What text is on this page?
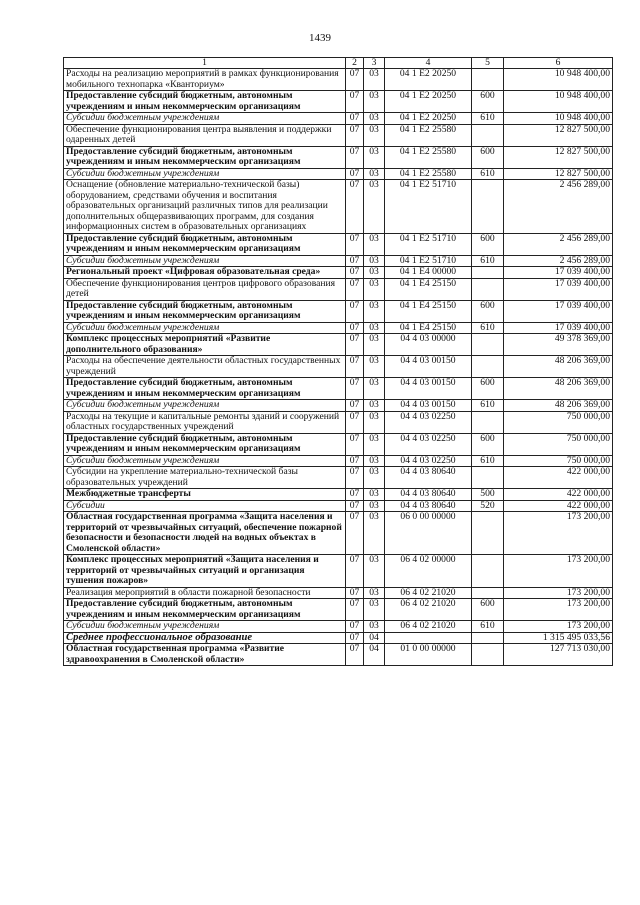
1439
1	2	3	4	5	6
Расходы на реализацию мероприятий в рамках функционирования мобильного технопарка «Кванториум»	07	03	04 1 E2 20250		10 948 400,00
Предоставление субсидий бюджетным, автономным учреждениям и иным некоммерческим организациям	07	03	04 1 E2 20250	600	10 948 400,00
Субсидии бюджетным учреждениям	07	03	04 1 E2 20250	610	10 948 400,00
Обеспечение функционирования центра выявления и поддержки одаренных детей	07	03	04 1 E2 25580		12 827 500,00
Предоставление субсидий бюджетным, автономным учреждениям и иным некоммерческим организациям	07	03	04 1 E2 25580	600	12 827 500,00
Субсидии бюджетным учреждениям	07	03	04 1 E2 25580	610	12 827 500,00
Оснащение (обновление материально-технической базы) оборудованием, средствами обучения и воспитания образовательных организаций различных типов для реализации дополнительных общеразвивающих программ, для создания информационных систем в образовательных организациях	07	03	04 1 E2 51710		2 456 289,00
Предоставление субсидий бюджетным, автономным учреждениям и иным некоммерческим организациям	07	03	04 1 E2 51710	600	2 456 289,00
Субсидии бюджетным учреждениям	07	03	04 1 E2 51710	610	2 456 289,00
Региональный проект «Цифровая образовательная среда»	07	03	04 1 E4 00000		17 039 400,00
Обеспечение функционирования центров цифрового образования детей	07	03	04 1 E4 25150		17 039 400,00
Предоставление субсидий бюджетным, автономным учреждениям и иным некоммерческим организациям	07	03	04 1 E4 25150	600	17 039 400,00
Субсидии бюджетным учреждениям	07	03	04 1 E4 25150	610	17 039 400,00
Комплекс процессных мероприятий «Развитие дополнительного образования»	07	03	04 4 03 00000		49 378 369,00
Расходы на обеспечение деятельности областных государственных учреждений	07	03	04 4 03 00150		48 206 369,00
Предоставление субсидий бюджетным, автономным учреждениям и иным некоммерческим организациям	07	03	04 4 03 00150	600	48 206 369,00
Субсидии бюджетным учреждениям	07	03	04 4 03 00150	610	48 206 369,00
Расходы на текущие и капитальные ремонты зданий и сооружений областных государственных учреждений	07	03	04 4 03 02250		750 000,00
Предоставление субсидий бюджетным, автономным учреждениям и иным некоммерческим организациям	07	03	04 4 03 02250	600	750 000,00
Субсидии бюджетным учреждениям	07	03	04 4 03 02250	610	750 000,00
Субсидии на укрепление материально-технической базы образовательных учреждений	07	03	04 4 03 80640		422 000,00
Межбюджетные трансферты	07	03	04 4 03 80640	500	422 000,00
Субсидии	07	03	04 4 03 80640	520	422 000,00
Областная государственная программа «Защита населения и территорий от чрезвычайных ситуаций, обеспечение пожарной безопасности и безопасности людей на водных объектах в Смоленской области»	07	03	06 0 00 00000		173 200,00
Комплекс процессных мероприятий «Защита населения и территорий от чрезвычайных ситуаций и организация тушения пожаров»	07	03	06 4 02 00000		173 200,00
Реализация мероприятий в области пожарной безопасности	07	03	06 4 02 21020		173 200,00
Предоставление субсидий бюджетным, автономным учреждениям и иным некоммерческим организациям	07	03	06 4 02 21020	600	173 200,00
Субсидии бюджетным учреждениям	07	03	06 4 02 21020	610	173 200,00
Среднее профессиональное образование	07	04			1 315 495 033,56
Областная государственная программа «Развитие здравоохранения в Смоленской области»	07	04	01 0 00 00000		127 713 030,00
